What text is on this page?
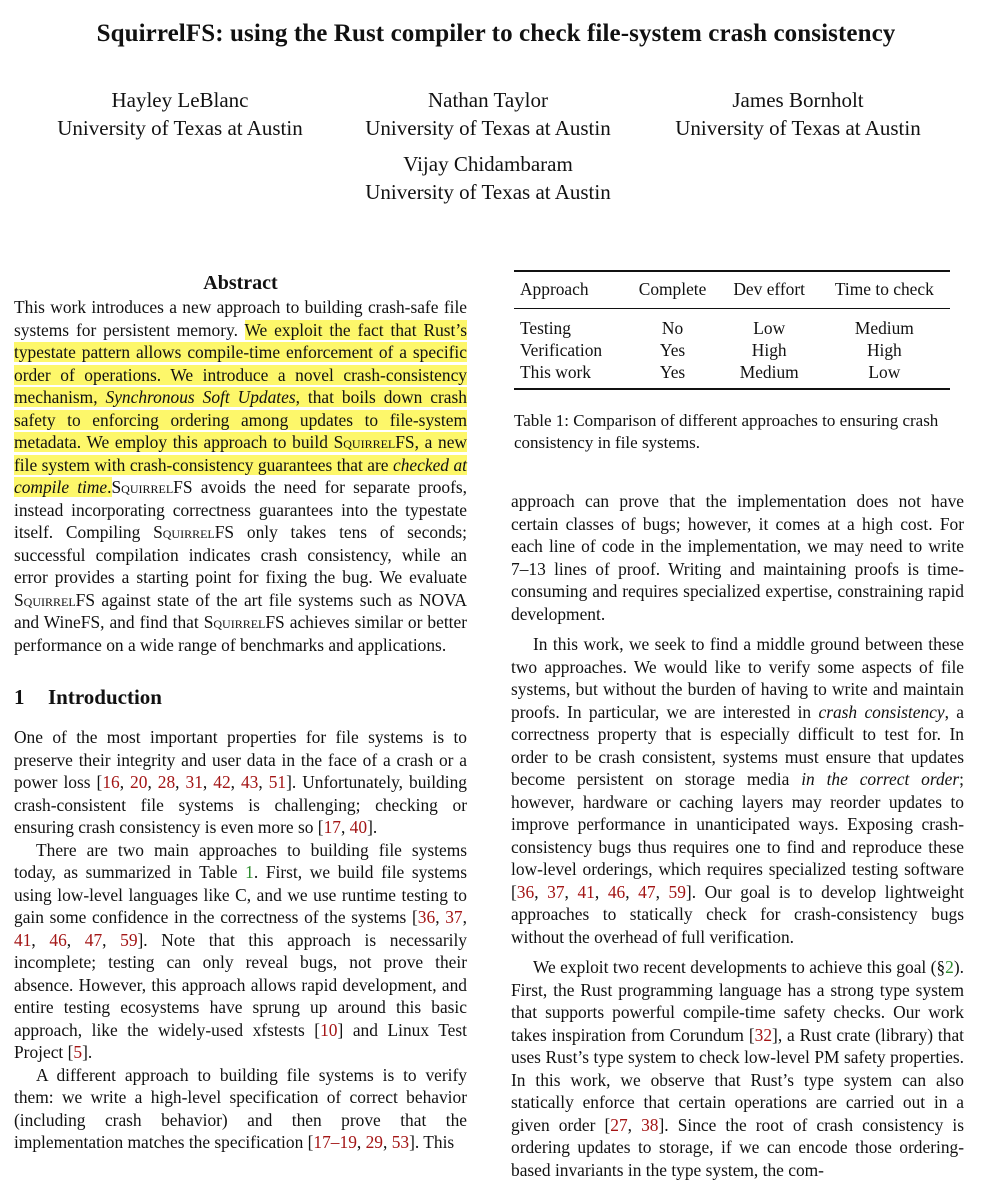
SquirrelFS: using the Rust compiler to check file-system crash consistency
Hayley LeBlanc
University of Texas at Austin
Nathan Taylor
University of Texas at Austin
James Bornholt
University of Texas at Austin
Vijay Chidambaram
University of Texas at Austin
Abstract

This work introduces a new approach to building crash-safe file systems for persistent memory. We exploit the fact that Rust’s typestate pattern allows compile-time enforcement of a specific order of operations. We introduce a novel crash-consistency mechanism, Synchronous Soft Updates, that boils down crash safety to enforcing ordering among updates to file-system metadata. We employ this approach to build SquirrelFS, a new file system with crash-consistency guarantees that are checked at compile time.SquirrelFS avoids the need for separate proofs, instead incorporating correctness guarantees into the typestate itself. Compiling SquirrelFS only takes tens of seconds; successful compilation indicates crash consistency, while an error provides a starting point for fixing the bug. We evaluate SquirrelFS against state of the art file systems such as NOVA and WineFS, and find that SquirrelFS achieves similar or better performance on a wide range of benchmarks and applications.

1 Introduction

One of the most important properties for file systems is to preserve their integrity and user data in the face of a crash or a power loss [16, 20, 28, 31, 42, 43, 51]. Unfortunately, building crash-consistent file systems is challenging; checking or ensuring crash consistency is even more so [17, 40].

There are two main approaches to building file systems today, as summarized in Table 1. First, we build file systems using low-level languages like C, and we use runtime testing to gain some confidence in the correctness of the systems [36, 37, 41, 46, 47, 59]. Note that this approach is necessarily incomplete; testing can only reveal bugs, not prove their absence. However, this approach allows rapid development, and entire testing ecosystems have sprung up around this basic approach, like the widely-used xfstests [10] and Linux Test Project [5].

A different approach to building file systems is to verify them: we write a high-level specification of correct behavior (including crash behavior) and then prove that the implementation matches the specification [17–19, 29, 53]. This

Approach	Complete	Dev effort	Time to check
Testing	No	Low	Medium
Verification	Yes	High	High
This work	Yes	Medium	Low
Table 1: Comparison of different approaches to ensuring crash consistency in file systems.

approach can prove that the implementation does not have certain classes of bugs; however, it comes at a high cost. For each line of code in the implementation, we may need to write 7–13 lines of proof. Writing and maintaining proofs is time-consuming and requires specialized expertise, constraining rapid development.

In this work, we seek to find a middle ground between these two approaches. We would like to verify some aspects of file systems, but without the burden of having to write and maintain proofs. In particular, we are interested in crash consistency, a correctness property that is especially difficult to test for. In order to be crash consistent, systems must ensure that updates become persistent on storage media in the correct order; however, hardware or caching layers may reorder updates to improve performance in unanticipated ways. Exposing crash-consistency bugs thus requires one to find and reproduce these low-level orderings, which requires specialized testing software [36, 37, 41, 46, 47, 59]. Our goal is to develop lightweight approaches to statically check for crash-consistency bugs without the overhead of full verification.

We exploit two recent developments to achieve this goal (§2). First, the Rust programming language has a strong type system that supports powerful compile-time safety checks. Our work takes inspiration from Corundum [32], a Rust crate (library) that uses Rust’s type system to check low-level PM safety properties. In this work, we observe that Rust’s type system can also statically enforce that certain operations are carried out in a given order [27, 38]. Since the root of crash consistency is ordering updates to storage, if we can encode those ordering-based invariants in the type system, the com-
